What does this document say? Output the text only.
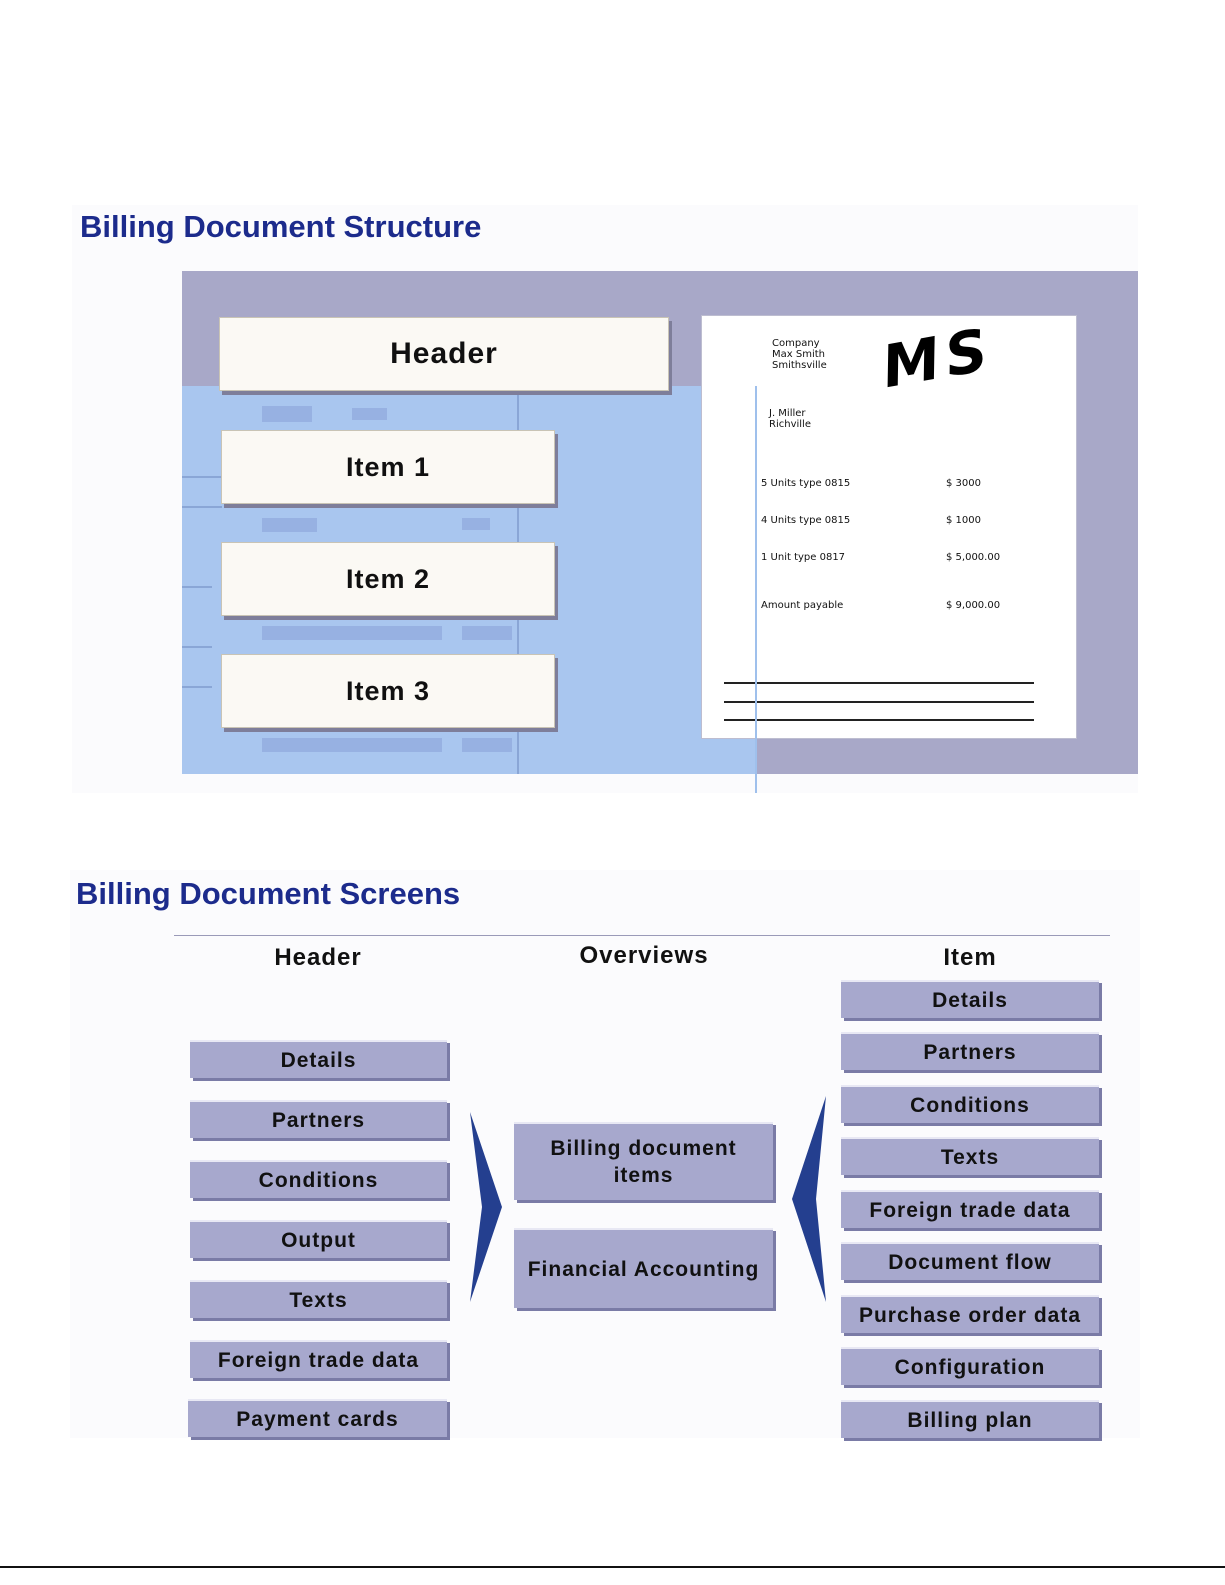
Billing Document Structure
Header
Item 1
Item 2
Item 3
MS
Company
Max Smith
Smithsville
J. Miller
Richville
5 Units type 0815	$ 3000
4 Units type 0815	$ 1000
1 Unit type 0817	$ 5,000.00
Amount payable	$ 9,000.00
Billing Document Screens
Header	Overviews	Item
Details
Partners
Conditions
Output
Texts
Foreign trade data
Payment cards
Billing document items
Financial Accounting
Details
Partners
Conditions
Texts
Foreign trade data
Document flow
Purchase order data
Configuration
Billing plan
